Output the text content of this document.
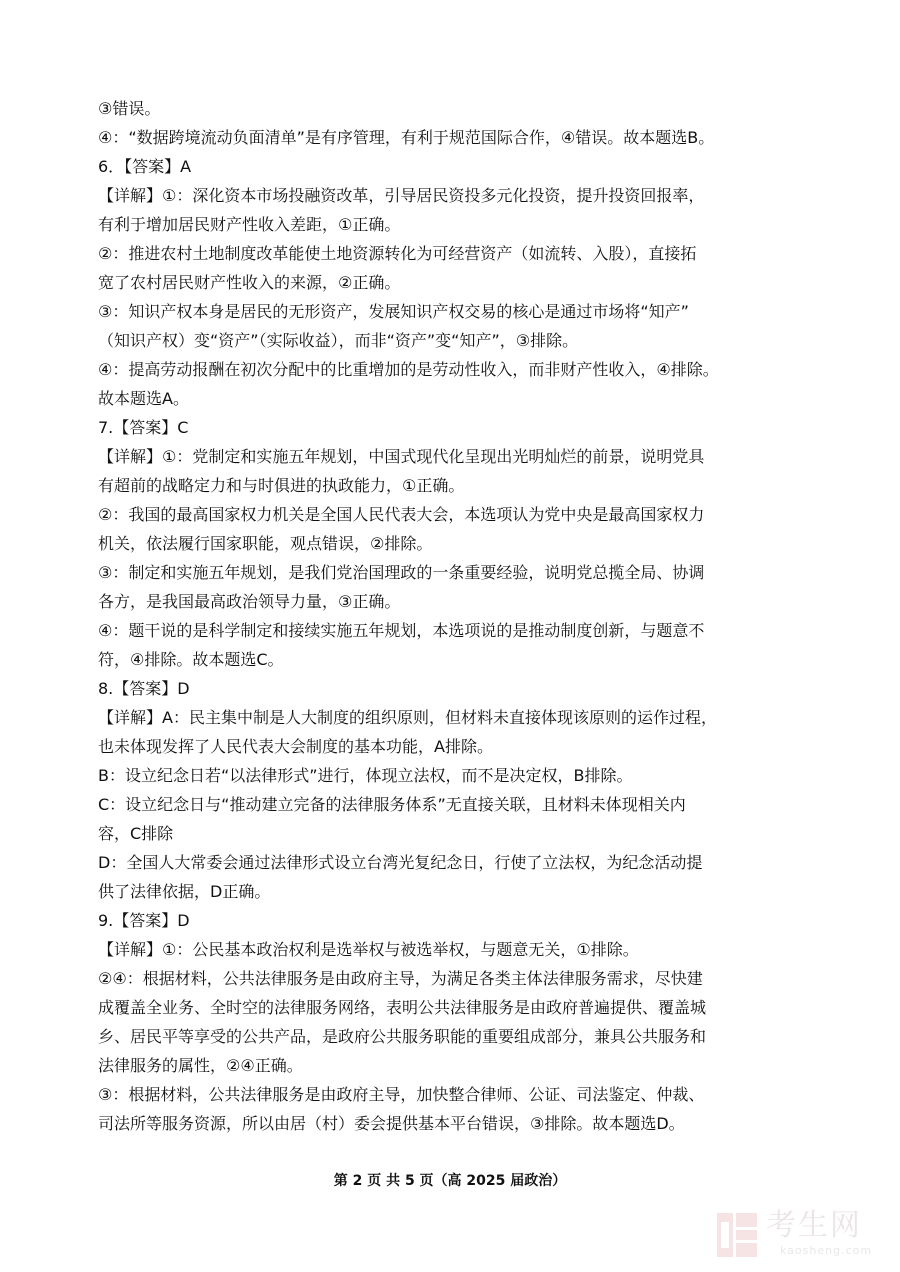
③错误。
④：“数据跨境流动负面清单”是有序管理，有利于规范国际合作，④错误。故本题选B。
6．【答案】A
【详解】①：深化资本市场投融资改革，引导居民资投多元化投资，提升投资回报率，
有利于增加居民财产性收入差距，①正确。
②：推进农村土地制度改革能使土地资源转化为可经营资产（如流转、入股），直接拓
宽了农村居民财产性收入的来源，②正确。
③：知识产权本身是居民的无形资产，发展知识产权交易的核心是通过市场将“知产”
（知识产权）变“资产”（实际收益），而非“资产”变“知产”，③排除。
④：提高劳动报酬在初次分配中的比重增加的是劳动性收入，而非财产性收入，④排除。
故本题选A。
7.【答案】C
【详解】①：党制定和实施五年规划，中国式现代化呈现出光明灿烂的前景，说明党具
有超前的战略定力和与时俱进的执政能力，①正确。
②：我国的最高国家权力机关是全国人民代表大会，本选项认为党中央是最高国家权力
机关，依法履行国家职能，观点错误，②排除。
③：制定和实施五年规划，是我们党治国理政的一条重要经验，说明党总揽全局、协调
各方，是我国最高政治领导力量，③正确。
④：题干说的是科学制定和接续实施五年规划，本选项说的是推动制度创新，与题意不
符，④排除。故本题选C。
8.【答案】D
【详解】A：民主集中制是人大制度的组织原则，但材料未直接体现该原则的运作过程，
也未体现发挥了人民代表大会制度的基本功能，A排除。
B：设立纪念日若“以法律形式”进行，体现立法权，而不是决定权，B排除。
C：设立纪念日与“推动建立完备的法律服务体系”无直接关联，且材料未体现相关内
容，C排除
D：全国人大常委会通过法律形式设立台湾光复纪念日，行使了立法权，为纪念活动提
供了法律依据，D正确。
9.【答案】D
【详解】①：公民基本政治权利是选举权与被选举权，与题意无关，①排除。
②④：根据材料，公共法律服务是由政府主导，为满足各类主体法律服务需求，尽快建
成覆盖全业务、全时空的法律服务网络，表明公共法律服务是由政府普遍提供、覆盖城
乡、居民平等享受的公共产品，是政府公共服务职能的重要组成部分，兼具公共服务和
法律服务的属性，②④正确。
③：根据材料，公共法律服务是由政府主导，加快整合律师、公证、司法鉴定、仲裁、
司法所等服务资源，所以由居（村）委会提供基本平台错误，③排除。故本题选D。
第 2 页 共 5 页（高 2025 届政治）
考生网
kaosheng.com
